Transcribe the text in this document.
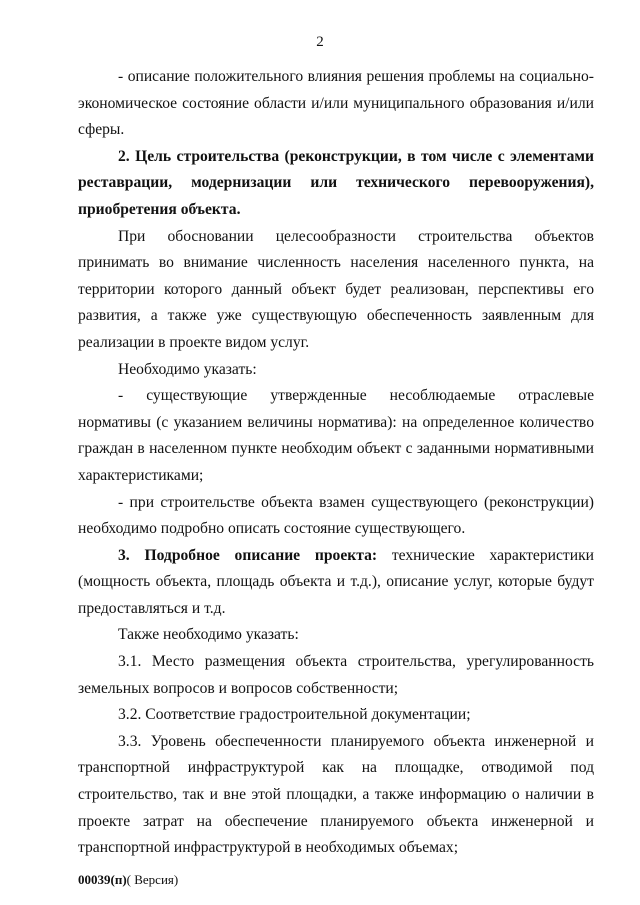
2

- описание положительного влияния решения проблемы на социально-экономическое состояние области и/или муниципального образования и/или сферы.

2. Цель строительства (реконструкции, в том числе с элементами реставрации, модернизации или технического перевооружения), приобретения объекта.

При обосновании целесообразности строительства объектов принимать во внимание численность населения населенного пункта, на территории которого данный объект будет реализован, перспективы его развития, а также уже существующую обеспеченность заявленным для реализации в проекте видом услуг.

Необходимо указать:

- существующие утвержденные несоблюдаемые отраслевые нормативы (с указанием величины норматива): на определенное количество граждан в населенном пункте необходим объект с заданными нормативными характеристиками;

- при строительстве объекта взамен существующего (реконструкции) необходимо подробно описать состояние существующего.

3. Подробное описание проекта: технические характеристики (мощность объекта, площадь объекта и т.д.), описание услуг, которые будут предоставляться и т.д.

Также необходимо указать:

3.1. Место размещения объекта строительства, урегулированность земельных вопросов и вопросов собственности;

3.2. Соответствие градостроительной документации;

3.3. Уровень обеспеченности планируемого объекта инженерной и транспортной инфраструктурой как на площадке, отводимой под строительство, так и вне этой площадки, а также информацию о наличии в проекте затрат на обеспечение планируемого объекта инженерной и транспортной инфраструктурой в необходимых объемах;

00039(п)( Версия)
